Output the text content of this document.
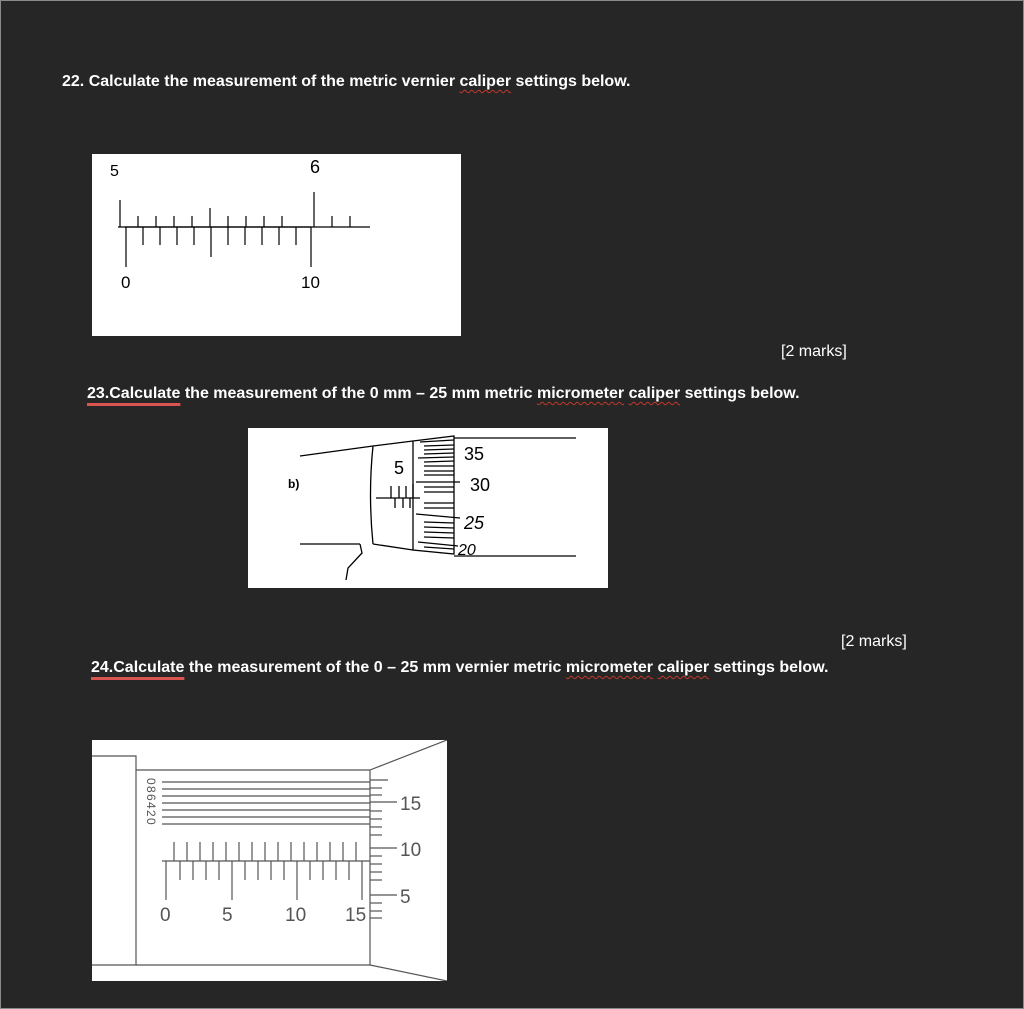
22. Calculate the measurement of the metric vernier caliper settings below.
5	6
0	10
[2 marks]
23.Calculate the measurement of the 0 mm – 25 mm metric micrometer caliper settings below.
b)
5
35
30
25
20
[2 marks]
24.Calculate the measurement of the 0 – 25 mm vernier metric micrometer caliper settings below.
0
8
6
4
2
0
0	5	10 15
15
10
5
